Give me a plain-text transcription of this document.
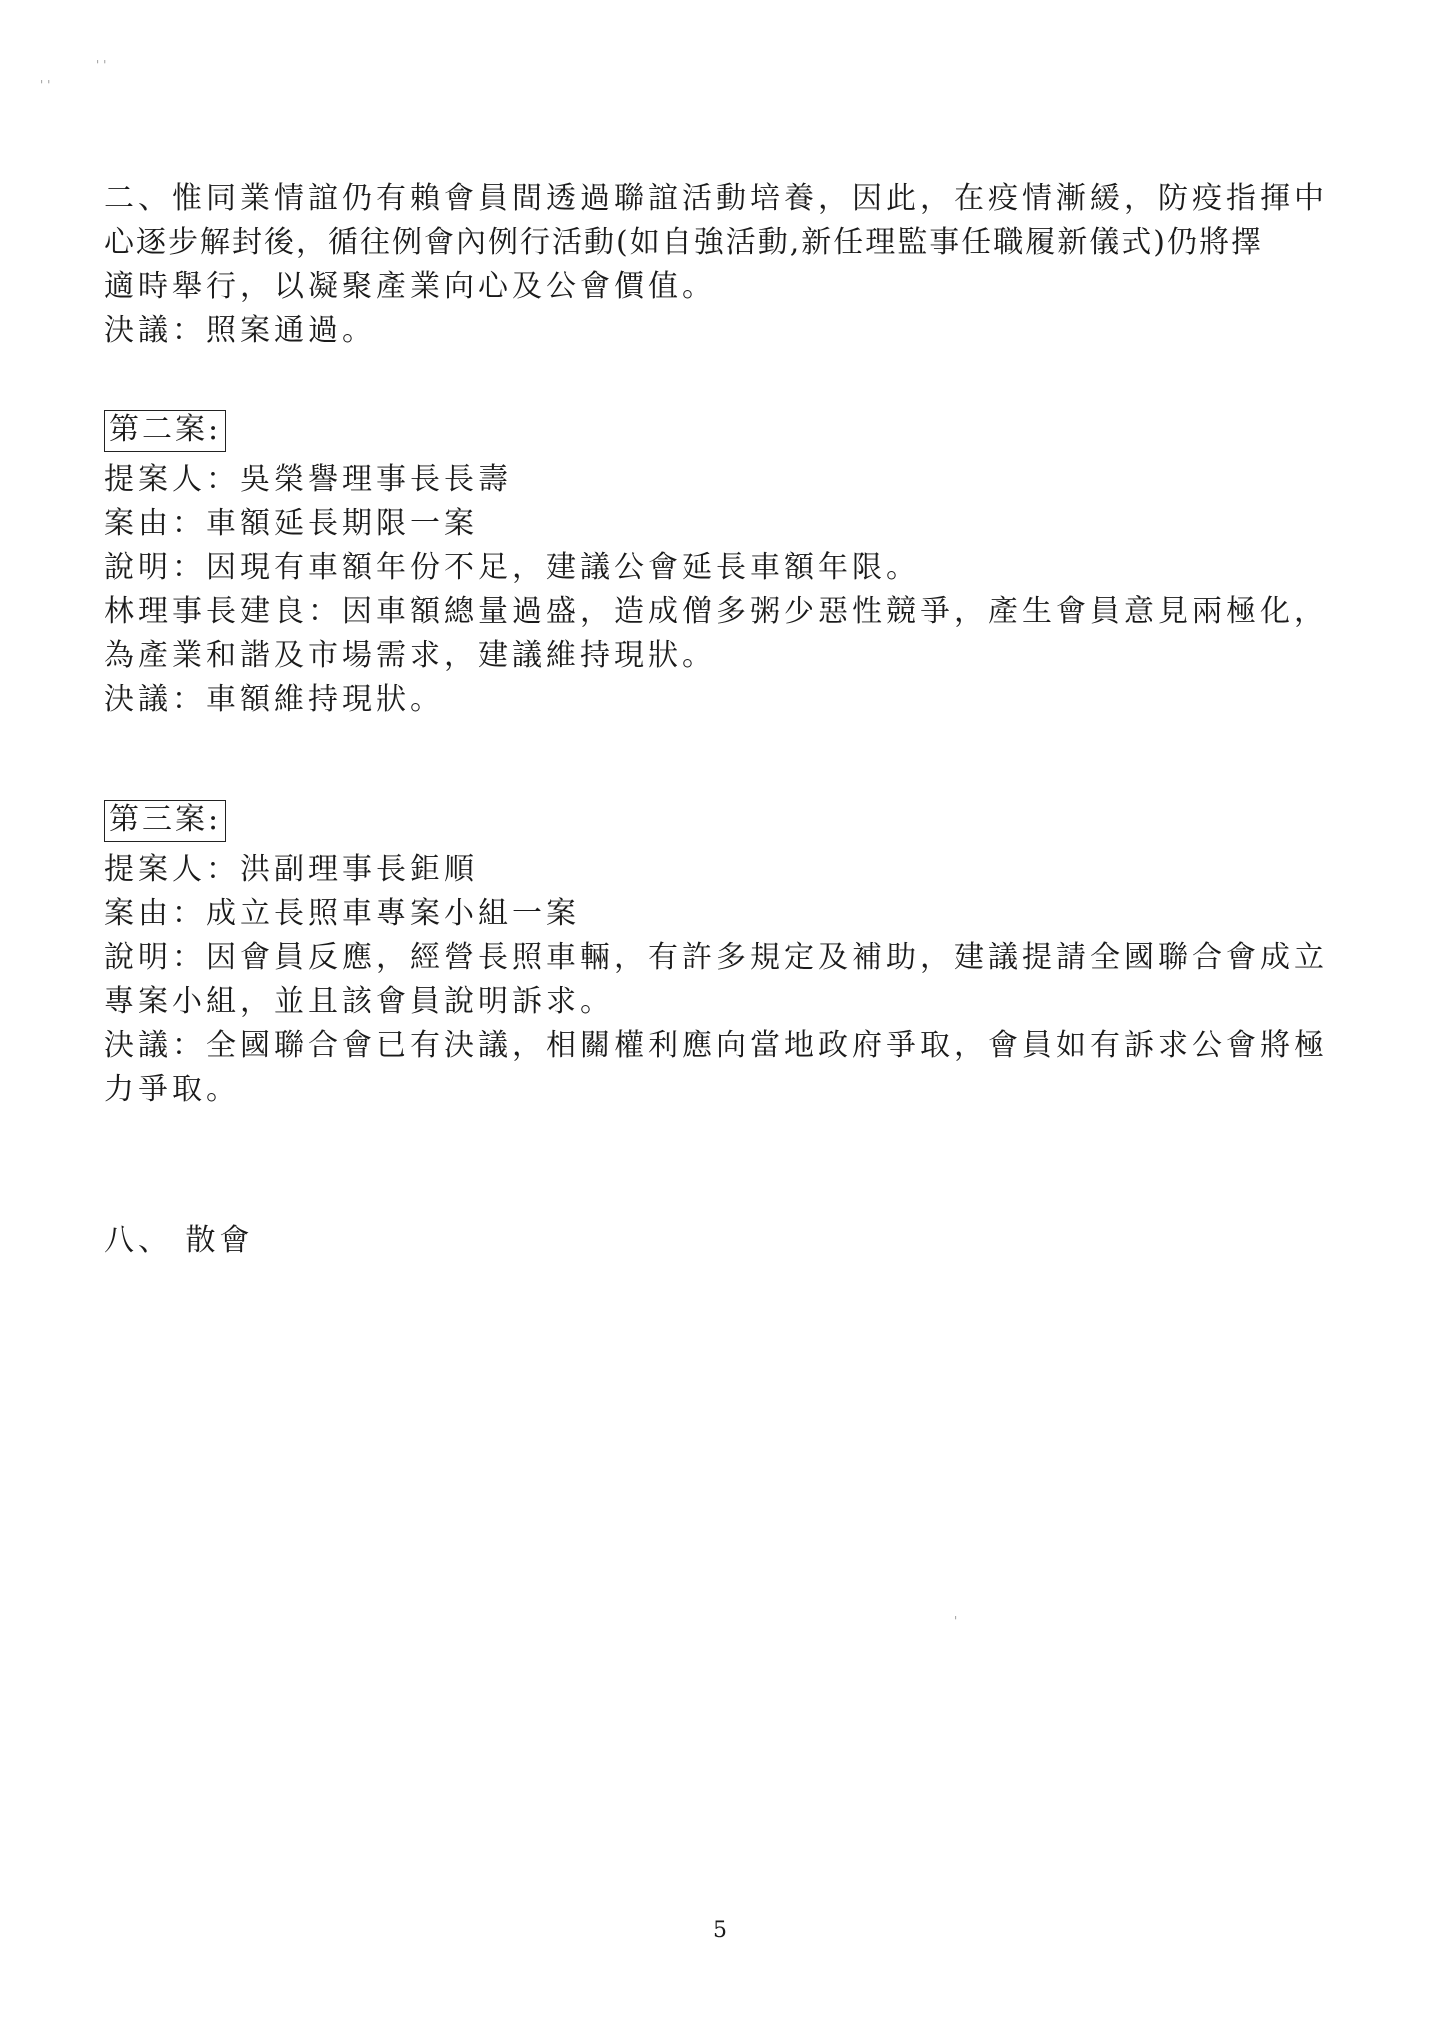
' '
' '
二、惟同業情誼仍有賴會員間透過聯誼活動培養，因此，在疫情漸緩，防疫指揮中
心逐步解封後，循往例會內例行活動(如自強活動,新任理監事任職履新儀式)仍將擇
適時舉行，以凝聚產業向心及公會價值。
決議：照案通過。
第二案:
提案人：吳榮譽理事長長壽
案由：車額延長期限一案
說明：因現有車額年份不足，建議公會延長車額年限。
林理事長建良：因車額總量過盛，造成僧多粥少惡性競爭，產生會員意見兩極化，
為產業和諧及市場需求，建議維持現狀。
決議：車額維持現狀。
第三案:
提案人：洪副理事長鉅順
案由：成立長照車專案小組一案
說明：因會員反應，經營長照車輛，有許多規定及補助，建議提請全國聯合會成立
專案小組，並且該會員說明訴求。
決議：全國聯合會已有決議，相關權利應向當地政府爭取，會員如有訴求公會將極
力爭取。
八、 散會
'
5
